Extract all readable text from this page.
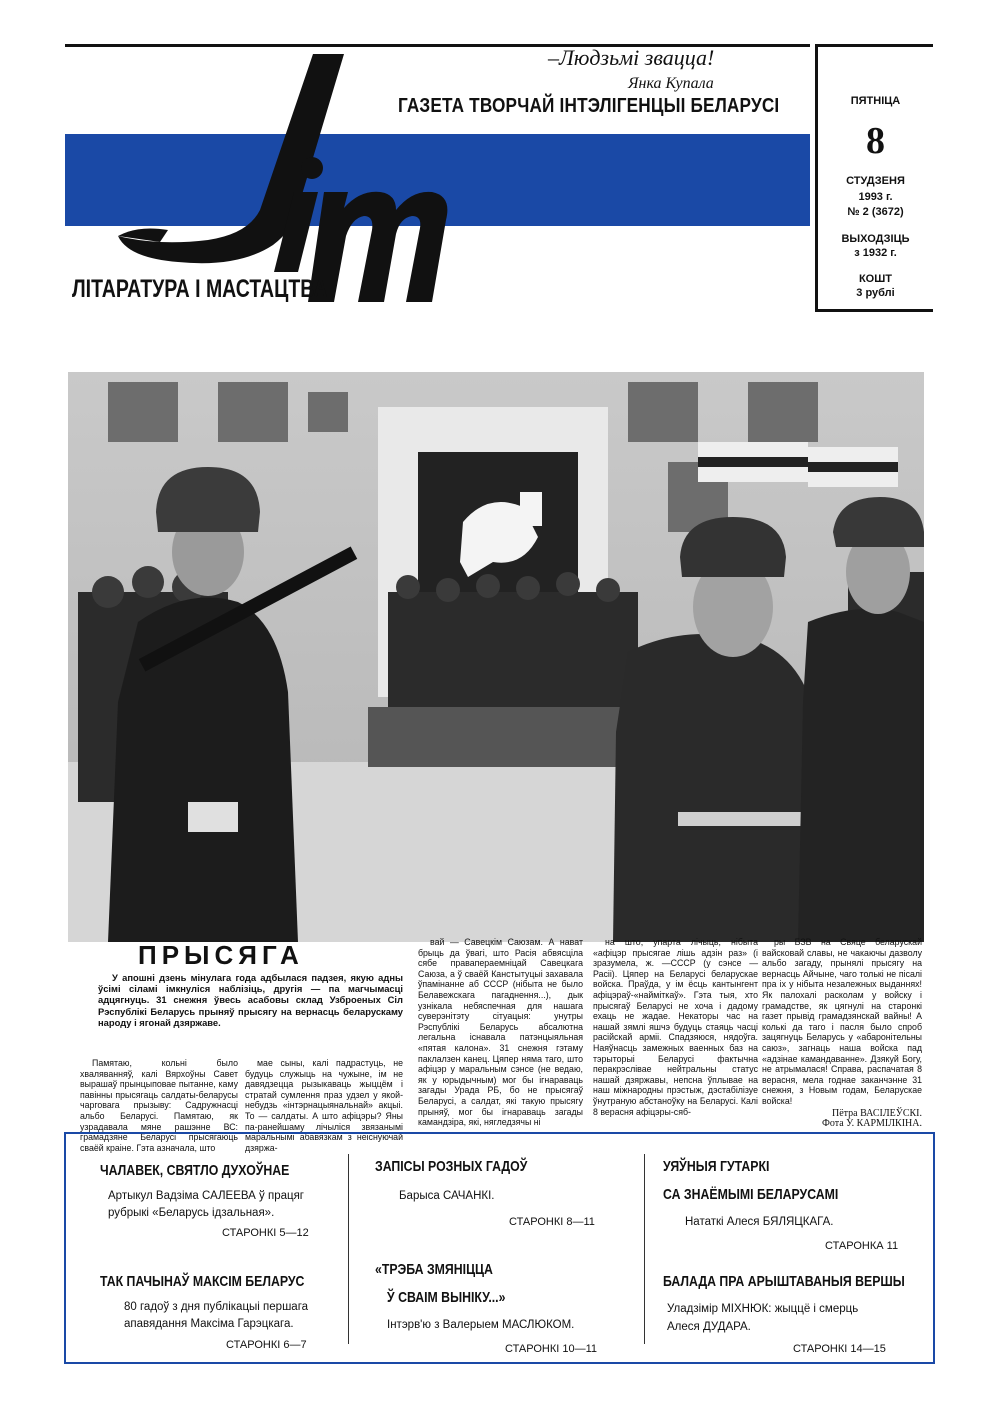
–Людзьмі звацца!
Янка Купала
ГАЗЕТА ТВОРЧАЙ ІНТЭЛІГЕНЦЫІ БЕЛАРУСІ
ЛІТАРАТУРА І МАСТАЦТВА
ПЯТНІЦА
8
СТУДЗЕНЯ
1993 г.
№ 2 (3672)
ВЫХОДЗІЦЬ
з 1932 г.
КОШТ
3 рублі
ПРЫСЯГА
У апошні дзень мінулага года адбылася падзея, якую адны ўсімі сіламі імкнуліся наблізіць, другія — па магчымасці адцягнуць. 31 снежня ўвесь асабовы склад Узброеных Сіл Рэспублікі Беларусь прыняў прысягу на вернасць беларускаму народу і ягонай дзяржаве.

Памятаю, кольні было хваляванняў, калі Вярхоўны Савет вырашаў прынцыповае пытанне, каму павінны прысягаць салдаты-беларусы чарговага прызыву: Садружнасці альбо Беларусі. Памятаю, як узрадавала мяне рашэнне ВС: грамадзяне Беларусі прысягаюць сваёй краіне. Гэта азначала, што

мае сыны, калі падрастуць, не будуць служыць на чужыне, ім не давядзецца рызыкаваць жыццём і стратай сумлення праз удзел у якой-небудзь «інтэрнацыянальнай» акцыі. То — салдаты. А што афіцэры? Яны па-ранейшаму лічыліся звязанымі маральнымі абавязкам з неіснуючай дзяржа-

вай — Савецкім Саюзам. А нават брыць да ўвагі, што Расія абвясціла сябе правапераемніцай Савецкага Саюза, а ў сваёй Канстытуцыі захавала ўпамінанне аб СССР (нібыта не было Белавежскага пагаднення...), дык узнікала небяспечная для нашага суверэнітэту сітуацыя: унутры Рэспублікі Беларусь абсалютна легальна існавала патэнцыяльная «пятая калона». 31 снежня гэтаму паклалзен канец. Цяпер няма таго, што афіцэр у маральным сэнсе (не ведаю, як у юрыдычным) мог бы ігнараваць загады Урада РБ, бо не прысягаў Беларусі, а салдат, які такую прысягу прыняў, мог бы ігнараваць загады камандзіра, які, нягледзячы ні

на што, упарта лічыць, нібыта «афіцэр прысягае лішь адзін раз» (і зразумела, ж. —СССР (у сэнсе — Расіі). Цяпер на Беларусі беларускае войска. Праўда, у ім ёсць кантынгент афіцэраў-«найміткаў». Гэта тыя, хто прысягаў Беларусі не хоча і дадому ехаць не жадае. Некаторы час на нашай зямлі яшчэ будуць стаяць часці расійскай арміі. Спадзяюся, нядоўга. Наяўнасць замежных ваенных баз на тэрыторыі Беларусі фактычна перакрэслівае нейтральны статус нашай дзяржавы, непсна ўплывае на наш міжнародны прэстыж, дэстабілізуе ўнутраную абстаноўку на Беларусі. Калі 8 верасня афіцэры-сяб-

ры БЗВ на Свяце беларускай вайсковай славы, не чакаючы дазволу альбо загаду, прынялі прысягу на вернасць Айчыне, чаго толькі не пісалі пра іх у нібыта незалежных выданнях! Як палохалі расколам у войску і грамадстве, як цягнулі на старонкі газет прывід грамадзянскай вайны! А колькі да таго і пасля было спроб зацягнуць Беларусь у «абаронітельны саюз», загнаць наша войска пад «адзінае камандаванне». Дзякуй Богу, не атрымалася! Справа, распачатая 8 верасня, мела годнае заканчэнне 31 снежня, з Новым годам, Беларускае войска!

Пётра ВАСІЛЕЎСКІ.
Фота У. КАРМІЛКІНА.
ЧАЛАВЕК, СВЯТЛО ДУХОЎНАЕ
Артыкул Вадзіма САЛЕЕВА ў працяг рубрыкі «Беларусь ідзальная».
СТАРОНКІ 5—12
ТАК ПАЧЫНАЎ МАКСІМ БЕЛАРУС
80 гадоў з дня публікацыі першага апавядання Максіма Гарэцкага.
СТАРОНКІ 6—7
ЗАПІСЫ РОЗНЫХ ГАДОЎ
Барыса САЧАНКІ.
СТАРОНКІ 8—11
«ТРЭБА ЗМЯНІЦЦА
Ў СВАІМ ВЫНІКУ...»
Інтэрв'ю з Валерыем МАСЛЮКОМ.
СТАРОНКІ 10—11
УЯЎНЫЯ ГУТАРКІ
СА ЗНАЁМЫМІ БЕЛАРУСАМІ
Нататкі Алеся БЯЛЯЦКАГА.
СТАРОНКА 11
БАЛАДА ПРА АРЫШТАВАНЫЯ ВЕРШЫ
Уладзімір МІХНЮК: жыццё і смерць
Алеся ДУДАРА.
СТАРОНКІ 14—15
